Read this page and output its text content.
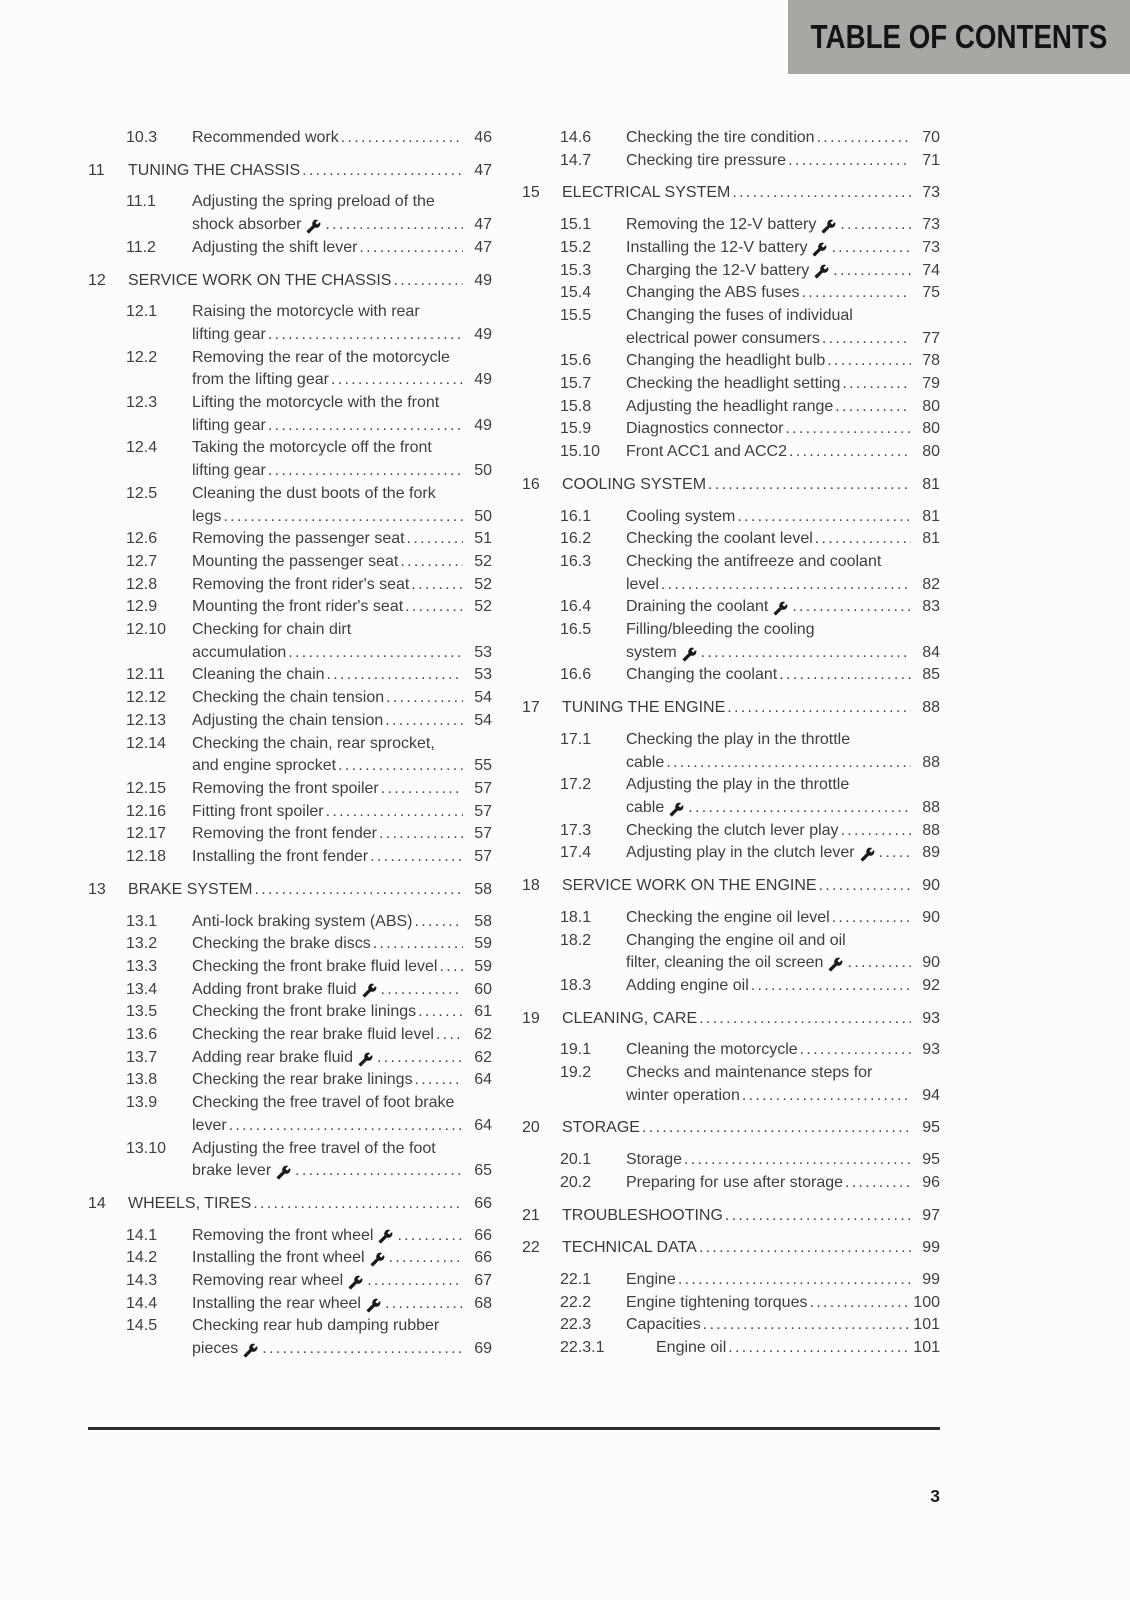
TABLE OF CONTENTS
10.3	Recommended work .....	46
11	TUNING THE CHASSIS .....	47
11.1	Adjusting the spring preload of the
shock absorber .....	47
11.2	Adjusting the shift lever .....	47
12	SERVICE WORK ON THE CHASSIS .....	49
12.1	Raising the motorcycle with rear
lifting gear .....	49
12.2	Removing the rear of the motorcycle
from the lifting gear .....	49
12.3	Lifting the motorcycle with the front
lifting gear .....	49
12.4	Taking the motorcycle off the front
lifting gear .....	50
12.5	Cleaning the dust boots of the fork
legs .....	50
12.6	Removing the passenger seat .....	51
12.7	Mounting the passenger seat .....	52
12.8	Removing the front rider's seat .....	52
12.9	Mounting the front rider's seat .....	52
12.10	Checking for chain dirt
accumulation .....	53
12.11	Cleaning the chain .....	53
12.12	Checking the chain tension .....	54
12.13	Adjusting the chain tension .....	54
12.14	Checking the chain, rear sprocket,
and engine sprocket .....	55
12.15	Removing the front spoiler .....	57
12.16	Fitting front spoiler .....	57
12.17	Removing the front fender .....	57
12.18	Installing the front fender .....	57
13	BRAKE SYSTEM .....	58
13.1	Anti-lock braking system (ABS) .....	58
13.2	Checking the brake discs .....	59
13.3	Checking the front brake fluid level .....	59
13.4	Adding front brake fluid .....	60
13.5	Checking the front brake linings .....	61
13.6	Checking the rear brake fluid level .....	62
13.7	Adding rear brake fluid .....	62
13.8	Checking the rear brake linings .....	64
13.9	Checking the free travel of foot brake
lever .....	64
13.10	Adjusting the free travel of the foot
brake lever .....	65
14	WHEELS, TIRES .....	66
14.1	Removing the front wheel .....	66
14.2	Installing the front wheel .....	66
14.3	Removing rear wheel .....	67
14.4	Installing the rear wheel .....	68
14.5	Checking rear hub damping rubber
pieces .....	69
14.6	Checking the tire condition .....	70
14.7	Checking tire pressure .....	71
15	ELECTRICAL SYSTEM .....	73
15.1	Removing the 12-V battery .....	73
15.2	Installing the 12-V battery .....	73
15.3	Charging the 12-V battery .....	74
15.4	Changing the ABS fuses .....	75
15.5	Changing the fuses of individual
electrical power consumers .....	77
15.6	Changing the headlight bulb .....	78
15.7	Checking the headlight setting .....	79
15.8	Adjusting the headlight range .....	80
15.9	Diagnostics connector .....	80
15.10	Front ACC1 and ACC2 .....	80
16	COOLING SYSTEM .....	81
16.1	Cooling system .....	81
16.2	Checking the coolant level .....	81
16.3	Checking the antifreeze and coolant
level .....	82
16.4	Draining the coolant .....	83
16.5	Filling/bleeding the cooling
system .....	84
16.6	Changing the coolant .....	85
17	TUNING THE ENGINE .....	88
17.1	Checking the play in the throttle
cable .....	88
17.2	Adjusting the play in the throttle
cable .....	88
17.3	Checking the clutch lever play .....	88
17.4	Adjusting play in the clutch lever .....	89
18	SERVICE WORK ON THE ENGINE .....	90
18.1	Checking the engine oil level .....	90
18.2	Changing the engine oil and oil
filter, cleaning the oil screen .....	90
18.3	Adding engine oil .....	92
19	CLEANING, CARE .....	93
19.1	Cleaning the motorcycle .....	93
19.2	Checks and maintenance steps for
winter operation .....	94
20	STORAGE .....	95
20.1	Storage .....	95
20.2	Preparing for use after storage .....	96
21	TROUBLESHOOTING .....	97
22	TECHNICAL DATA .....	99
22.1	Engine .....	99
22.2	Engine tightening torques .....	100
22.3	Capacities .....	101
22.3.1	Engine oil .....	101
3
